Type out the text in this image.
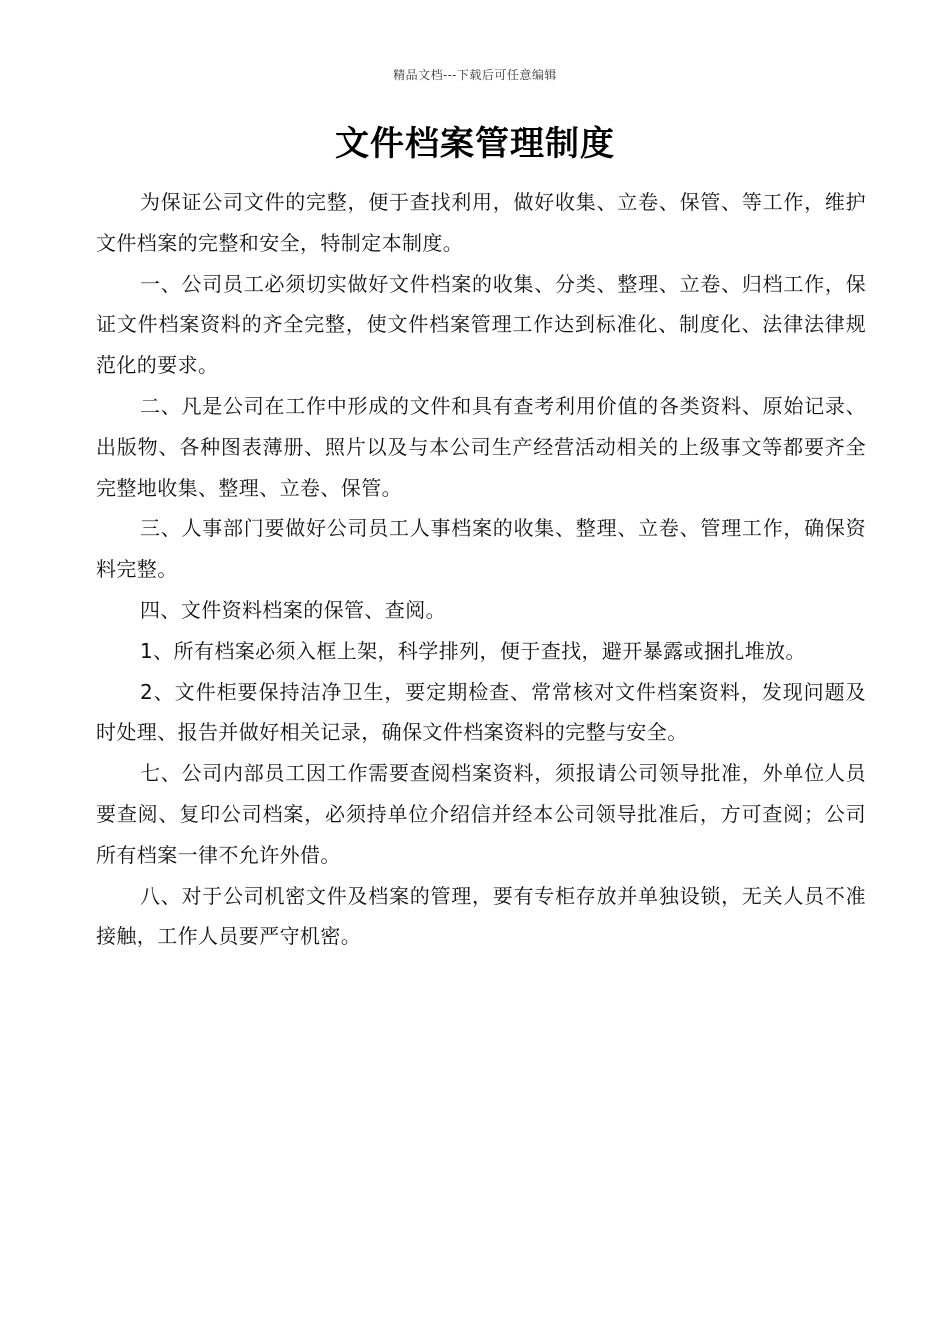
精品文档---下载后可任意编辑
文件档案管理制度

为保证公司文件的完整，便于查找利用，做好收集、立卷、保管、等工作，维护文件档案的完整和安全，特制定本制度。

一、公司员工必须切实做好文件档案的收集、分类、整理、立卷、归档工作，保证文件档案资料的齐全完整，使文件档案管理工作达到标准化、制度化、法律法律规范化的要求。

二、凡是公司在工作中形成的文件和具有查考利用价值的各类资料、原始记录、出版物、各种图表薄册、照片以及与本公司生产经营活动相关的上级事文等都要齐全完整地收集、整理、立卷、保管。

三、人事部门要做好公司员工人事档案的收集、整理、立卷、管理工作，确保资料完整。

四、文件资料档案的保管、查阅。

1、所有档案必须入框上架，科学排列，便于查找，避开暴露或捆扎堆放。

2、文件柜要保持洁净卫生，要定期检查、常常核对文件档案资料，发现问题及时处理、报告并做好相关记录，确保文件档案资料的完整与安全。

七、公司内部员工因工作需要查阅档案资料，须报请公司领导批准，外单位人员要查阅、复印公司档案，必须持单位介绍信并经本公司领导批准后，方可查阅；公司所有档案一律不允许外借。

八、对于公司机密文件及档案的管理，要有专柜存放并单独设锁，无关人员不准接触，工作人员要严守机密。
